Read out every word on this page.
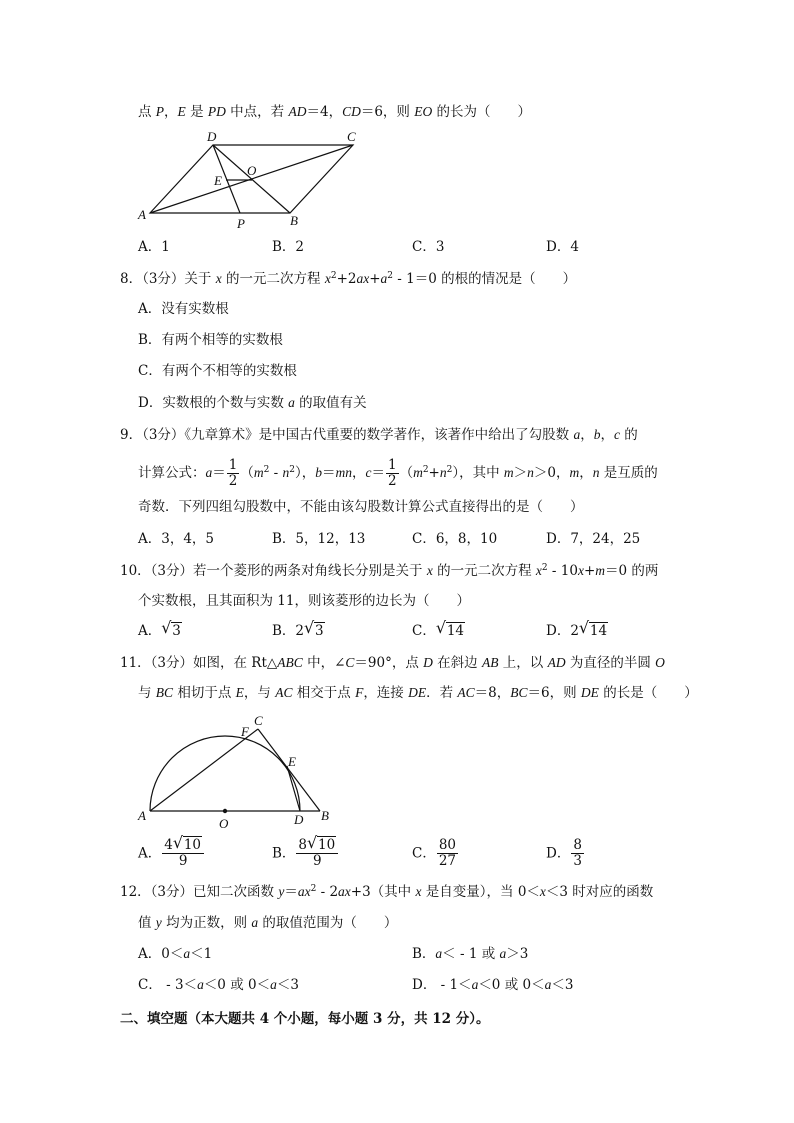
点 P，E 是 PD 中点，若 AD＝4，CD＝6，则 EO 的长为（　　）
D	C
O
E
A
P	B
A．1	B．2	C．3	D．4
8．（3分）关于 x 的一元二次方程 $x^2+2ax+a^2 - 1=0$ 的根的情况是（　　）
A．没有实数根
B．有两个相等的实数根
C．有两个不相等的实数根
D．实数根的个数与实数 a 的取值有关
9．（3分）《九章算术》是中国古代重要的数学著作，该著作中给出了勾股数 a，b，c 的
计算公式：$a= \frac{1}{2} (m^2 - n^2)$，b＝mn，$c= \frac{1}{2} (m^2+n^2)$，其中 m＞n＞0，m，n 是互质的
奇数．下列四组勾股数中，不能由该勾股数计算公式直接得出的是（　　）
A．3，4，5	B．5，12，13	C．6，8，10	D．7，24，25
10．（3分）若一个菱形的两条对角线长分别是关于 x 的一元二次方程 $x^2 - 10x+m=0$ 的两
个实数根，且其面积为 11，则该菱形的边长为（　　）
A． √ 3	B．2 √ 3	C． √ 14	D．2 √ 14
11．（3分）如图，在 Rt△ABC 中，∠C＝90°，点 D 在斜边 AB 上，以 AD 为直径的半圆 O
与 BC 相切于点 E，与 AC 相交于点 F，连接 DE．若 AC＝8，BC＝6，则 DE 的长是（　　）
C
F
E
A
O	D B
A． $\frac{4 √ 10}{9}$	B． $\frac{8 √ 10}{9}$	C． $\frac{80}{27}$	D． $\frac{8}{3}$
12．（3分）已知二次函数 $y=ax^2 - 2ax+3$（其中 x 是自变量），当 0＜x＜3 时对应的函数
值 y 均为正数，则 a 的取值范围为（　　）
A．0＜a＜1	B．a＜ - 1 或 a＞3
C． - 3＜a＜0 或 0＜a＜3	D． - 1＜a＜0 或 0＜a＜3
二、填空题（本大题共 4 个小题，每小题 3 分，共 12 分）。
